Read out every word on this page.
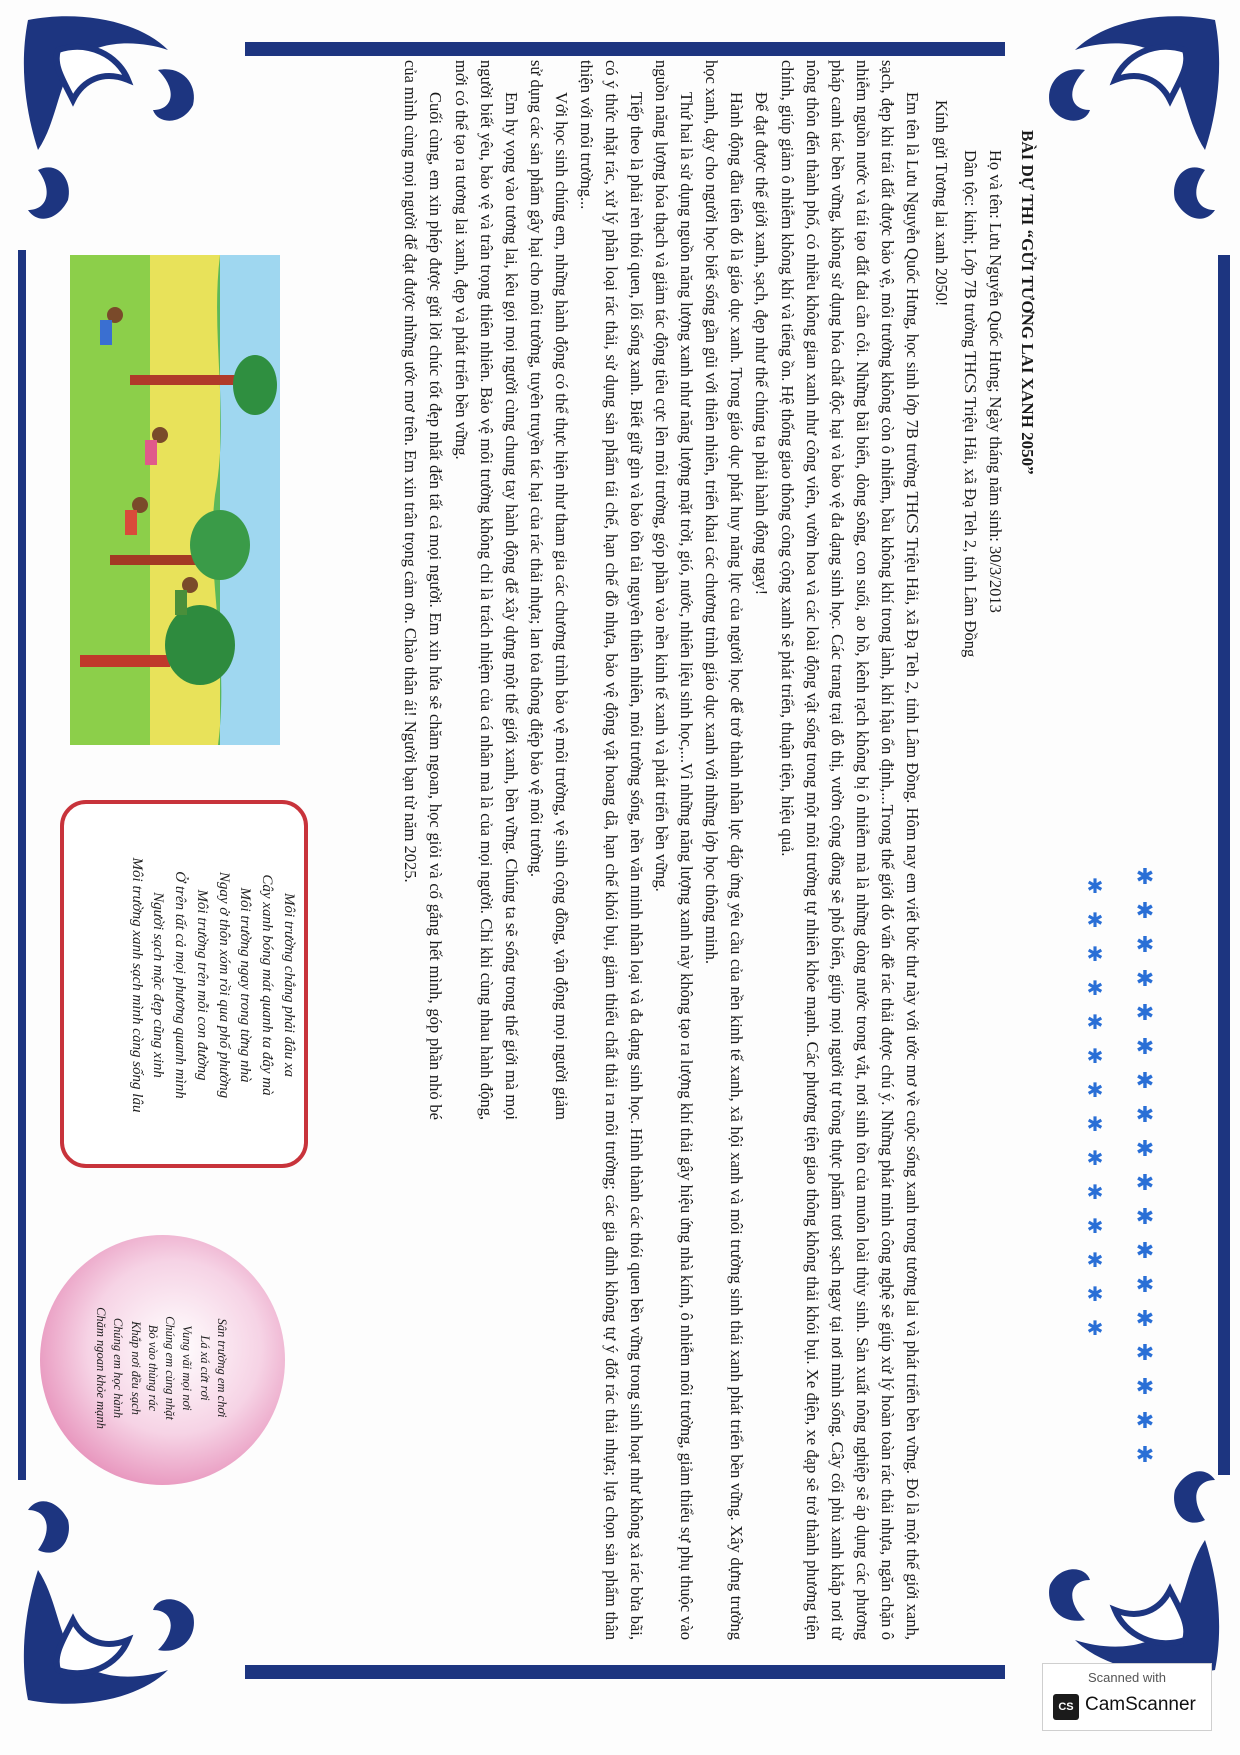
✱
✱
✱
✱
✱
✱
✱
✱
✱
✱
✱
✱
✱
✱
✱
✱
✱
✱
✱
✱
✱
✱
✱
✱
✱
✱
✱
✱
✱
✱
✱
✱

BÀI DỰ THI “GỬI TƯƠNG LAI XANH 2050”

Họ và tên: Lưu Nguyễn Quốc Hưng; Ngày tháng năm sinh: 30/3/2013

Dân tộc: kinh; Lớp 7B trường THCS Triệu Hải, xã Đạ Teh 2, tỉnh Lâm Đồng

Kính gửi Tương lai xanh 2050!

Em tên là Lưu Nguyễn Quốc Hưng, học sinh lớp 7B trường THCS Triệu Hải, xã Đạ Teh 2, tỉnh Lâm Đồng. Hôm nay em viết bức thư này với ước mơ về cuộc sống xanh trong tương lai và phát triển bền vững. Đó là một thế giới xanh, sạch, đẹp khi trái đất được bảo vệ, môi trường không còn ô nhiễm, bầu không khí trong lành, khí hậu ổn định,...Trong thế giới đó vấn đề rác thải được chú ý. Những phát minh công nghệ sẽ giúp xử lý hoàn toàn rác thải nhựa, ngăn chặn ô nhiễm nguồn nước và tái tạo đất đai cằn cỗi. Những bãi biển, dòng sông, con suối, ao hồ, kênh rạch không bị ô nhiễm mà là những dòng nước trong vắt, nơi sinh tồn của muôn loài thủy sinh. Sản xuất nông nghiệp sẽ áp dụng các phương pháp canh tác bền vững, không sử dụng hóa chất độc hại và bảo vệ đa dạng sinh học. Các trang trại đô thị, vườn cộng đồng sẽ phổ biến, giúp mọi người tự trồng thực phẩm tươi sạch ngay tại nơi mình sống. Cây cối phủ xanh khắp nơi từ nông thôn đến thành phố, có nhiều không gian xanh như công viên, vườn hoa và các loài động vật sống trong một môi trường tự nhiên khỏe mạnh. Các phương tiện giao thông không thải khói bụi. Xe điện, xe đạp sẽ trở thành phương tiện chính, giúp giảm ô nhiễm không khí và tiếng ồn. Hệ thống giao thông công cộng xanh sẽ phát triển, thuận tiện, hiệu quả.

Để đạt được thế giới xanh, sạch, đẹp như thế chúng ta phải hành động ngay!

Hành động đầu tiên đó là giáo dục xanh. Trong giáo dục phát huy năng lực của người học để trở thành nhân lực đáp ứng yêu cầu của nền kinh tế xanh, xã hội xanh và môi trường sinh thái xanh phát triển bền vững. Xây dựng trường học xanh, dạy cho người học biết sống gần gũi với thiên nhiên, triển khai các chương trình giáo dục xanh với những lớp học thông minh.

Thứ hai là sử dụng nguồn năng lượng xanh như năng lượng mặt trời, gió, nước, nhiên liệu sinh học,...Vì những năng lượng xanh này không tạo ra lượng khí thải gây hiệu ứng nhà kính, ô nhiễm môi trường, giảm thiểu sự phụ thuộc vào nguồn năng lượng hóa thạch và giảm tác động tiêu cực lên môi trường, góp phần vào nền kinh tế xanh và phát triển bền vững.

Tiếp theo là phải rèn thói quen, lối sống xanh. Biết giữ gìn và bảo tồn tài nguyên thiên nhiên, môi trường sống, nền văn minh nhân loại và đa dạng sinh học. Hình thành các thói quen bền vững trong sinh hoạt như không xả rác bừa bãi, có ý thức nhặt rác, xử lý phân loại rác thải, sử dụng sản phẩm tái chế, hạn chế đồ nhựa, bảo vệ động vật hoang dã, hạn chế khói bụi, giảm thiểu chất thải ra môi trường; các gia đình không tự ý đốt rác thải nhựa; lựa chọn sản phẩm thân thiện với môi trường...

Với học sinh chúng em, những hành động có thể thực hiện như tham gia các chương trình bảo vệ môi trường, vệ sinh cộng đồng, vận động mọi người giảm sử dụng các sản phẩm gây hại cho môi trường, tuyên truyền tác hại của rác thải nhựa; lan tỏa thông điệp bảo vệ môi trường.

Em hy vọng vào tương lai, kêu gọi mọi người cùng chung tay hành động để xây dựng một thế giới xanh, bền vững. Chúng ta sẽ sống trong thế giới mà mọi người biết yêu, bảo vệ và trân trọng thiên nhiên. Bảo vệ môi trường không chỉ là trách nhiệm của cá nhân mà là của mọi người. Chỉ khi cùng nhau hành động, mới có thể tạo ra tương lai xanh, đẹp và phát triển bền vững.

Cuối cùng, em xin phép được gửi lời chúc tốt đẹp nhất đến tất cả mọi người. Em xin hứa sẽ chăm ngoan, học giỏi và cố gắng hết mình, góp phần nhỏ bé của mình cùng mọi người để đạt được những ước mơ trên. Em xin trân trọng cảm ơn. Chào thân ái! Người bạn từ năm 2025.

Môi trường chẳng phải đâu xa
Cây xanh bóng mát quanh ta đây mà
Môi trường ngay trong từng nhà
Ngay ở thôn xóm rồi qua phố phường
Môi trường trên mỗi con đường
Ở trên tất cả mọi phương quanh mình
Người sạch mặc đẹp cũng xinh
Môi trường xanh sạch mình càng sống lâu
Sân trường em chơi
Lá xá cứt rơi
Vung vãi mọi nơi
Chúng em cùng nhặt
Bỏ vào thùng rác
Khắp nơi đều sạch
Chúng em học hành
Chăm ngoan khỏe mạnh
Scanned with
CS CamScanner
